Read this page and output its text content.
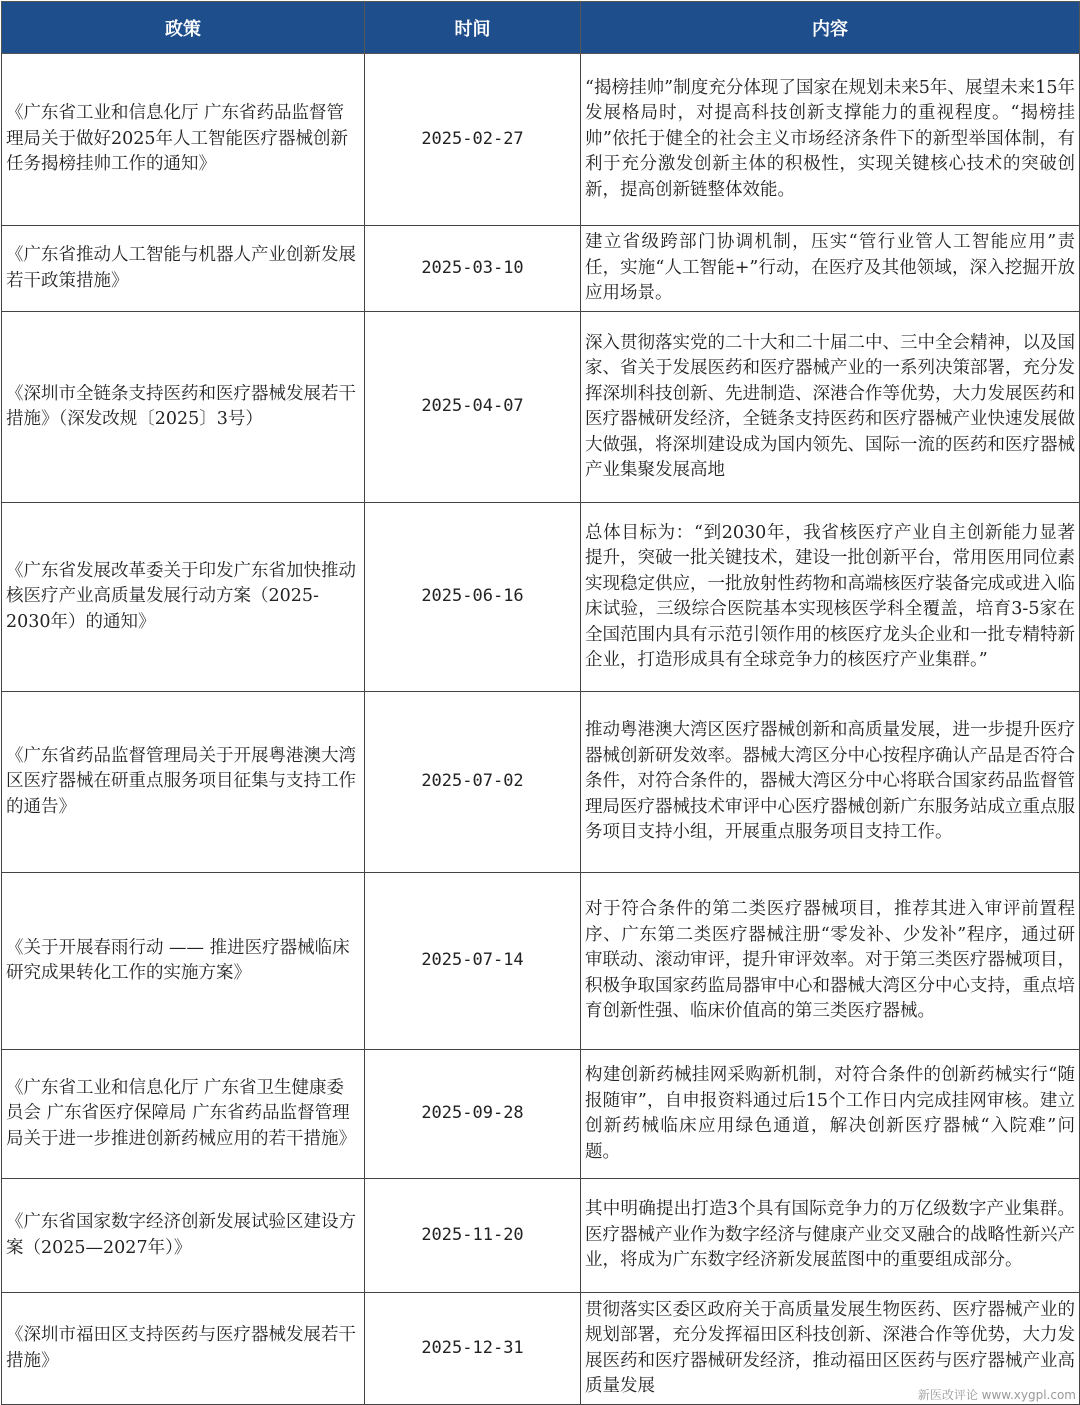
政策	时间	内容
《广东省工业和信息化厅 广东省药品监督管理局关于做好2025年人工智能医疗器械创新任务揭榜挂帅工作的通知》	2025-02-27	“揭榜挂帅”制度充分体现了国家在规划未来5年、展望未来15年发展格局时，对提高科技创新支撑能力的重视程度。“揭榜挂帅”依托于健全的社会主义市场经济条件下的新型举国体制，有利于充分激发创新主体的积极性，实现关键核心技术的突破创新，提高创新链整体效能。
《广东省推动人工智能与机器人产业创新发展若干政策措施》	2025-03-10	建立省级跨部门协调机制，压实“管行业管人工智能应用”责任，实施“人工智能+”行动，在医疗及其他领域，深入挖掘开放应用场景。
《深圳市全链条支持医药和医疗器械发展若干措施》（深发改规〔2025〕3号）	2025-04-07	深入贯彻落实党的二十大和二十届二中、三中全会精神，以及国家、省关于发展医药和医疗器械产业的一系列决策部署，充分发挥深圳科技创新、先进制造、深港合作等优势，大力发展医药和医疗器械研发经济，全链条支持医药和医疗器械产业快速发展做大做强，将深圳建设成为国内领先、国际一流的医药和医疗器械产业集聚发展高地
《广东省发展改革委关于印发广东省加快推动核医疗产业高质量发展行动方案（2025-2030年）的通知》	2025-06-16	总体目标为：“到2030年，我省核医疗产业自主创新能力显著提升，突破一批关键技术，建设一批创新平台，常用医用同位素实现稳定供应，一批放射性药物和高端核医疗装备完成或进入临床试验，三级综合医院基本实现核医学科全覆盖，培育3-5家在全国范围内具有示范引领作用的核医疗龙头企业和一批专精特新企业，打造形成具有全球竞争力的核医疗产业集群。”
《广东省药品监督管理局关于开展粤港澳大湾区医疗器械在研重点服务项目征集与支持工作的通告》	2025-07-02	推动粤港澳大湾区医疗器械创新和高质量发展，进一步提升医疗器械创新研发效率。器械大湾区分中心按程序确认产品是否符合条件，对符合条件的，器械大湾区分中心将联合国家药品监督管理局医疗器械技术审评中心医疗器械创新广东服务站成立重点服务项目支持小组，开展重点服务项目支持工作。
《关于开展春雨行动 —— 推进医疗器械临床研究成果转化工作的实施方案》	2025-07-14	对于符合条件的第二类医疗器械项目，推荐其进入审评前置程序、广东第二类医疗器械注册“零发补、少发补”程序，通过研审联动、滚动审评，提升审评效率。对于第三类医疗器械项目，积极争取国家药监局器审中心和器械大湾区分中心支持，重点培育创新性强、临床价值高的第三类医疗器械。
《广东省工业和信息化厅 广东省卫生健康委员会 广东省医疗保障局 广东省药品监督管理局关于进一步推进创新药械应用的若干措施》	2025-09-28	构建创新药械挂网采购新机制，对符合条件的创新药械实行“随报随审”，自申报资料通过后15个工作日内完成挂网审核。建立创新药械临床应用绿色通道，解决创新医疗器械“入院难”问题。
《广东省国家数字经济创新发展试验区建设方案（2025—2027年）》	2025-11-20	其中明确提出打造3个具有国际竞争力的万亿级数字产业集群。医疗器械产业作为数字经济与健康产业交叉融合的战略性新兴产业，将成为广东数字经济新发展蓝图中的重要组成部分。
《深圳市福田区支持医药与医疗器械发展若干措施》	2025-12-31	贯彻落实区委区政府关于高质量发展生物医药、医疗器械产业的规划部署，充分发挥福田区科技创新、深港合作等优势，大力发展医药和医疗器械研发经济，推动福田区医药与医疗器械产业高质量发展	新医改评论 www.xygpl.com
